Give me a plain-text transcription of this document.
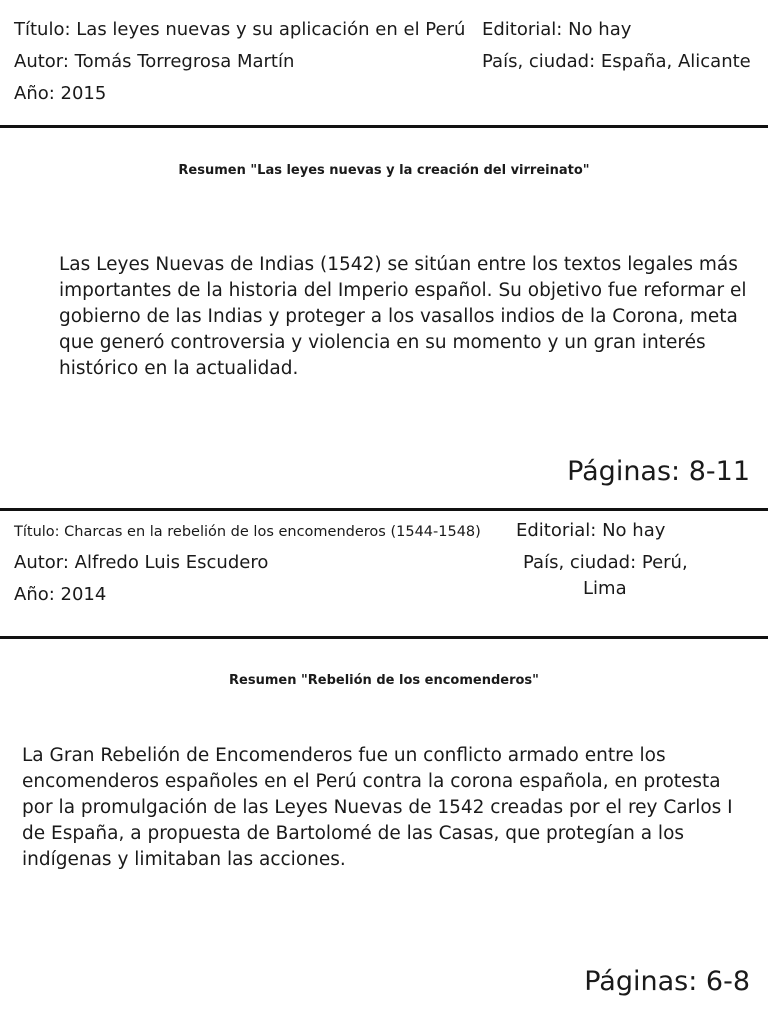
Título: Las leyes nuevas y su aplicación en el Perú
Autor: Tomás Torregrosa Martín
Año: 2015
Editorial: No hay
País, ciudad: España, Alicante
Resumen "Las leyes nuevas y la creación del virreinato"
Las Leyes Nuevas de Indias (1542) se sitúan entre los textos legales más importantes de la historia del Imperio español. Su objetivo fue reformar el gobierno de las Indias y proteger a los vasallos indios de la Corona, meta que generó controversia y violencia en su momento y un gran interés histórico en la actualidad.
Páginas: 8-11
Título: Charcas en la rebelión de los encomenderos (1544-1548)
Autor: Alfredo Luis Escudero
Año: 2014
Editorial: No hay
País, ciudad: Perú,
Lima
Resumen "Rebelión de los encomenderos"
La Gran Rebelión de Encomenderos fue un conflicto armado entre los encomenderos españoles en el Perú contra la corona española, en protesta por la promulgación de las Leyes Nuevas de 1542 creadas por el rey Carlos I de España, a propuesta de Bartolomé de las Casas, que protegían a los indígenas y limitaban las acciones.
Páginas: 6-8
